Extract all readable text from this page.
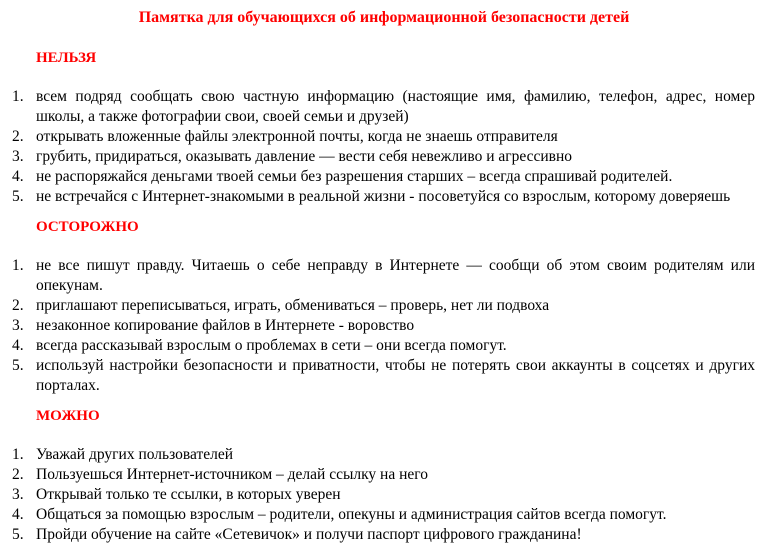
Памятка для обучающихся об информационной безопасности детей
НЕЛЬЗЯ
всем подряд сообщать свою частную информацию (настоящие имя, фамилию, телефон, адрес, номер школы, а также фотографии свои, своей семьи и друзей)
открывать вложенные файлы электронной почты, когда не знаешь отправителя
грубить, придираться, оказывать давление — вести себя невежливо и агрессивно
не распоряжайся деньгами твоей семьи без разрешения старших – всегда спрашивай родителей.
не встречайся с Интернет-знакомыми в реальной жизни - посоветуйся со взрослым, которому доверяешь
ОСТОРОЖНО
не все пишут правду. Читаешь о себе неправду в Интернете — сообщи об этом своим родителям или опекунам.
приглашают переписываться, играть, обмениваться – проверь, нет ли подвоха
незаконное копирование файлов в Интернете - воровство
всегда рассказывай взрослым о проблемах в сети – они всегда помогут.
используй настройки безопасности и приватности, чтобы не потерять свои аккаунты в соцсетях и других порталах.
МОЖНО
Уважай других пользователей
Пользуешься Интернет-источником – делай ссылку на него
Открывай только те ссылки, в которых уверен
Общаться за помощью взрослым – родители, опекуны и администрация сайтов всегда помогут.
Пройди обучение на сайте «Сетевичок» и получи паспорт цифрового гражданина!
